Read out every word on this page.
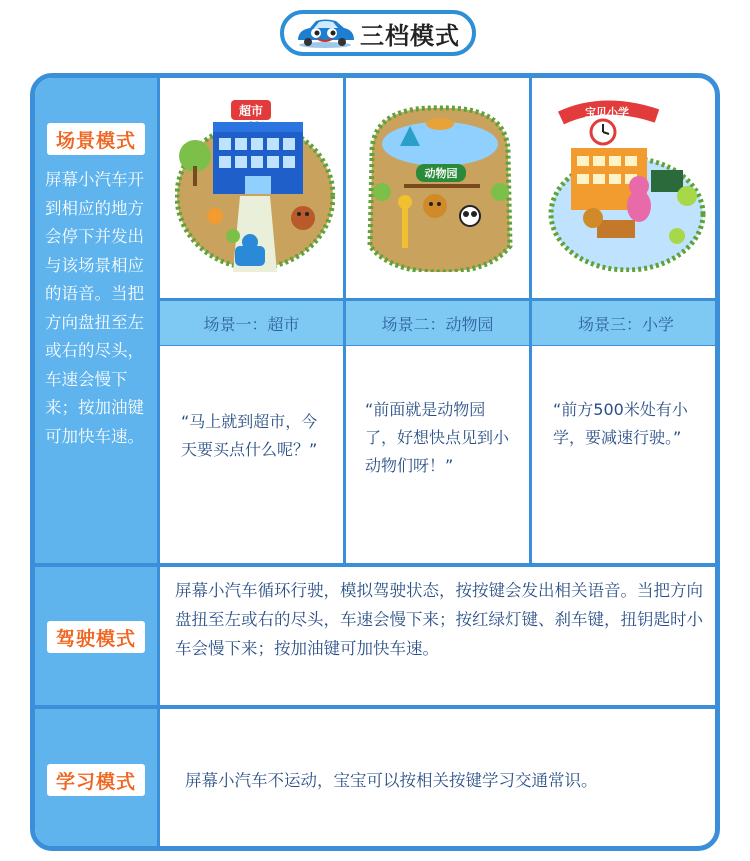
三档模式
场景模式
屏幕小汽车开到相应的地方会停下并发出与该场景相应的语音。当把方向盘扭至左或右的尽头，车速会慢下来；按加油键可加快车速。
超市
场景一：超市
动物园
场景二：动物园
宝贝小学
场景三：小学
“马上就到超市，今天要买点什么呢？”
“前面就是动物园了，好想快点见到小动物们呀！”
“前方500米处有小学，要减速行驶。”
驾驶模式
屏幕小汽车循环行驶，模拟驾驶状态，按按键会发出相关语音。当把方向盘扭至左或右的尽头，车速会慢下来；按红绿灯键、刹车键，扭钥匙时小车会慢下来；按加油键可加快车速。
学习模式	屏幕小汽车不运动，宝宝可以按相关按键学习交通常识。
